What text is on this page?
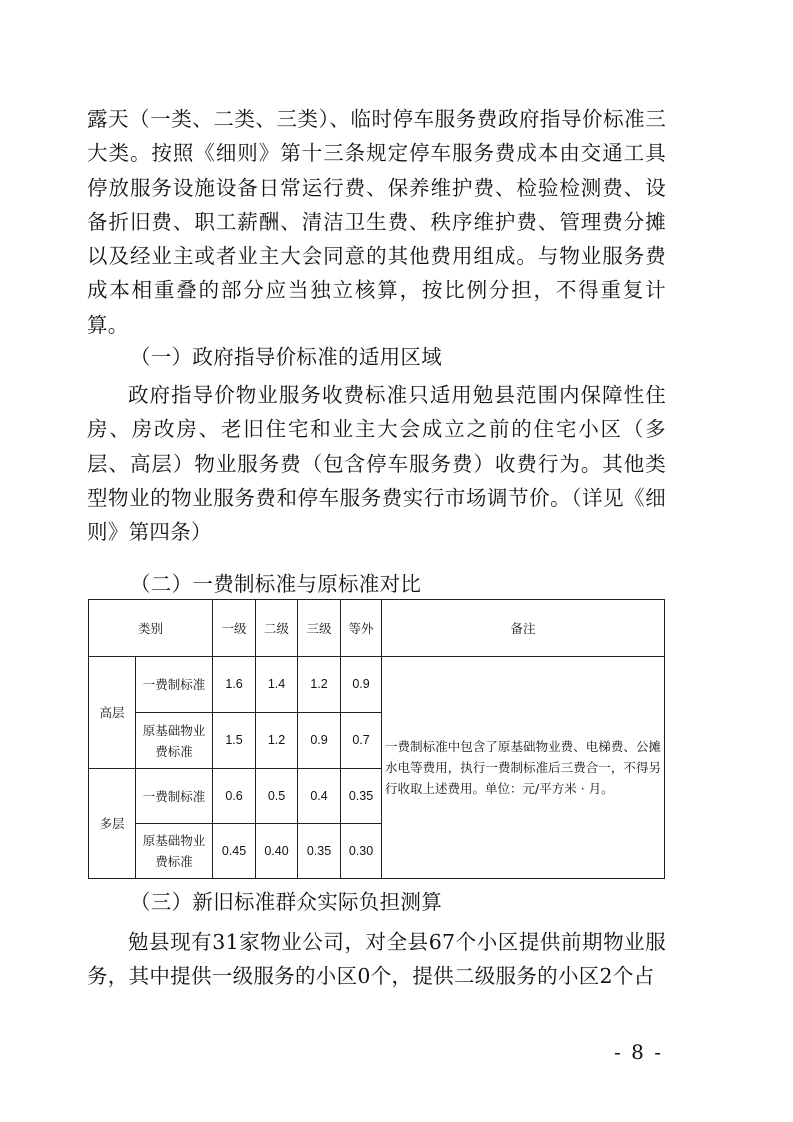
露天（一类、二类、三类）、临时停车服务费政府指导价标准三大类。按照《细则》第十三条规定停车服务费成本由交通工具停放服务设施设备日常运行费、保养维护费、检验检测费、设备折旧费、职工薪酬、清洁卫生费、秩序维护费、管理费分摊以及经业主或者业主大会同意的其他费用组成。与物业服务费成本相重叠的部分应当独立核算，按比例分担，不得重复计算。
（一）政府指导价标准的适用区域
政府指导价物业服务收费标准只适用勉县范围内保障性住房、房改房、老旧住宅和业主大会成立之前的住宅小区（多层、高层）物业服务费（包含停车服务费）收费行为。其他类型物业的物业服务费和停车服务费实行市场调节价。（详见《细则》第四条）
（二）一费制标准与原标准对比
类别		一级	二级	三级	等外	备注
高层	一费制标准	1.6	1.4	1.2	0.9	一费制标准中包含了原基础物业费、电梯费、公摊水电等费用，执行一费制标准后三费合一，不得另行收取上述费用。单位：元/平方米 · 月。
	原基础物业费标准	1.5	1.2	0.9	0.7	
多层	一费制标准	0.6	0.5	0.4	0.35	
	原基础物业费标准	0.45	0.40	0.35	0.30	
（三）新旧标准群众实际负担测算
勉县现有31家物业公司，对全县67个小区提供前期物业服务，其中提供一级服务的小区0个，提供二级服务的小区2个占
- 8 -
